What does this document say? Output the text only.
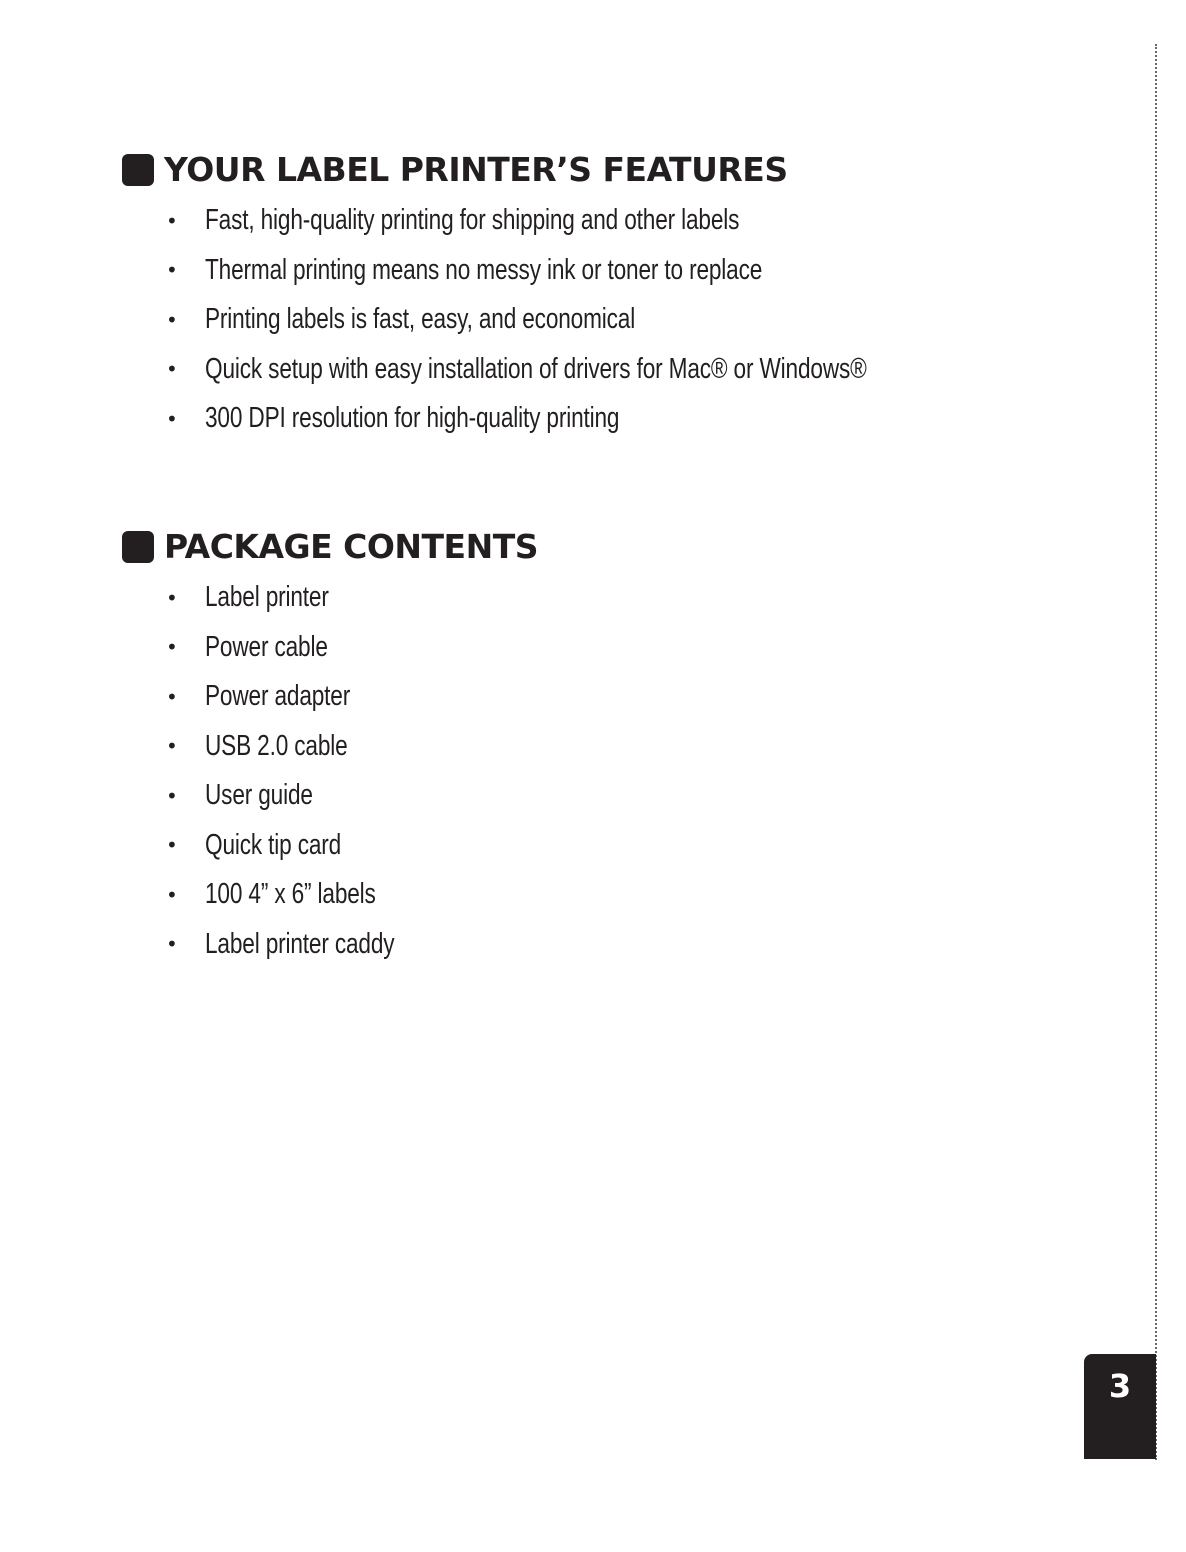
YOUR LABEL PRINTER’S FEATURES
• Fast, high-quality printing for shipping and other labels
• Thermal printing means no messy ink or toner to replace
• Printing labels is fast, easy, and economical
• Quick setup with easy installation of drivers for Mac® or Windows®
• 300 DPI resolution for high-quality printing
PACKAGE CONTENTS
• Label printer
• Power cable
• Power adapter
• USB 2.0 cable
• User guide
• Quick tip card
• 100 4” x 6” labels
• Label printer caddy
3
